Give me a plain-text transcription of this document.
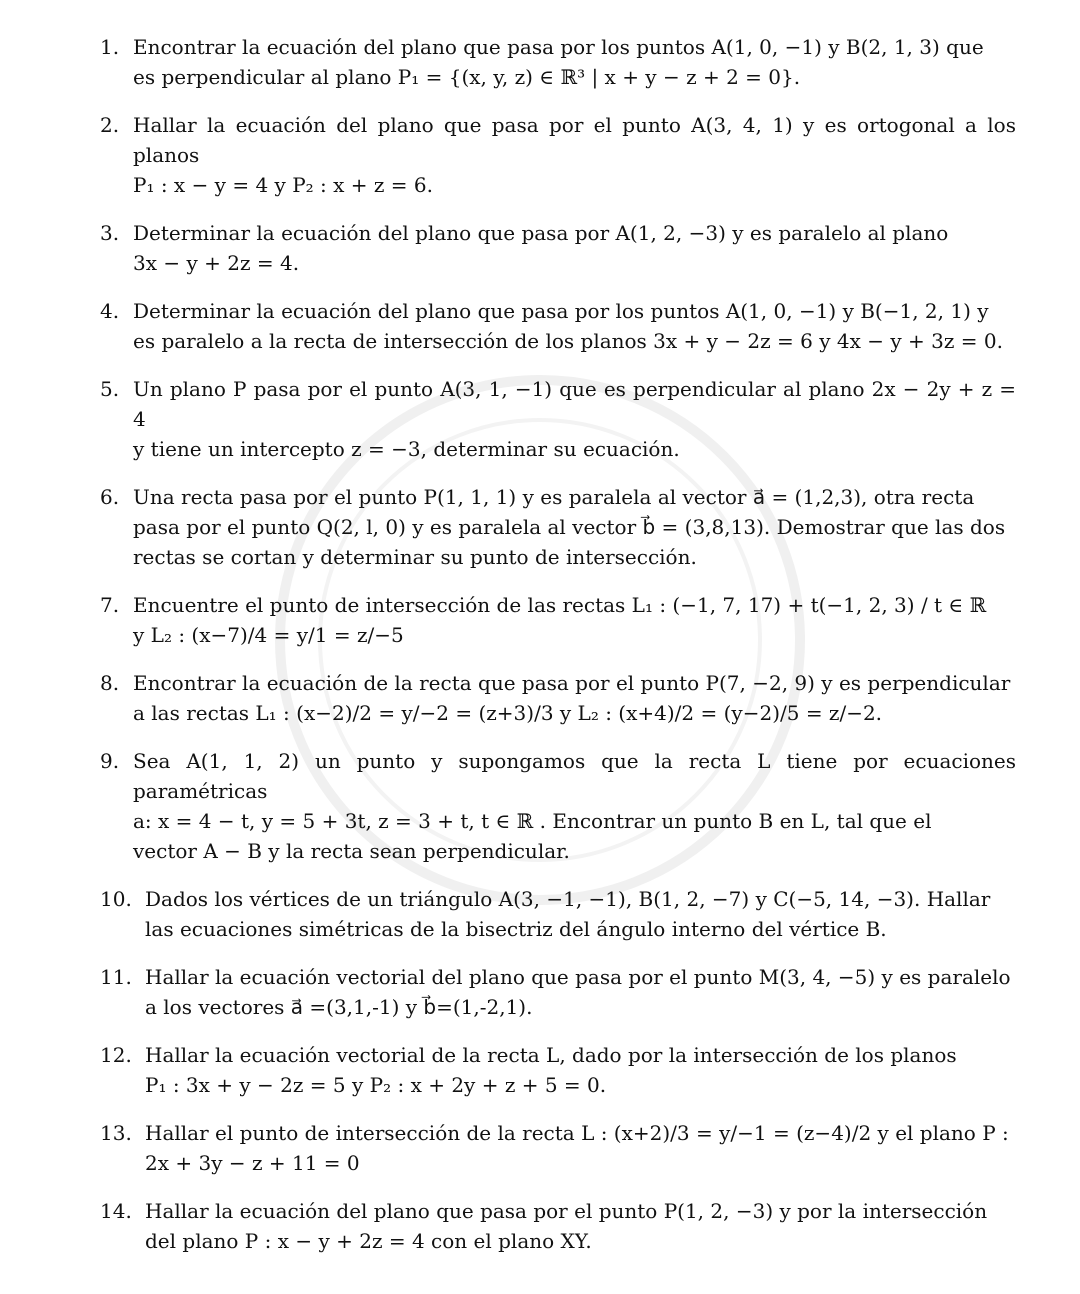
1. Encontrar la ecuación del plano que pasa por los puntos A(1, 0, −1) y B(2, 1, 3) que
es perpendicular al plano P₁ = {(x, y, z) ∈ ℝ³ | x + y − z + 2 = 0}.
2. Hallar la ecuación del plano que pasa por el punto A(3, 4, 1) y es ortogonal a los planos
P₁ : x − y = 4 y P₂ : x + z = 6.
3. Determinar la ecuación del plano que pasa por A(1, 2, −3) y es paralelo al plano
3x − y + 2z = 4.
4. Determinar la ecuación del plano que pasa por los puntos A(1, 0, −1) y B(−1, 2, 1) y
es paralelo a la recta de intersección de los planos 3x + y − 2z = 6 y 4x − y + 3z = 0.
5. Un plano P pasa por el punto A(3, 1, −1) que es perpendicular al plano 2x − 2y + z = 4
y tiene un intercepto z = −3, determinar su ecuación.
6. Una recta pasa por el punto P(1, 1, 1) y es paralela al vector a⃗ = (1,2,3), otra recta
pasa por el punto Q(2, l, 0) y es paralela al vector b⃗ = (3,8,13). Demostrar que las dos
rectas se cortan y determinar su punto de intersección.
7. Encuentre el punto de intersección de las rectas L₁ : (−1, 7, 17) + t(−1, 2, 3) / t ∈ ℝ
y L₂ : (x−7)/4 = y/1 = z/−5
8. Encontrar la ecuación de la recta que pasa por el punto P(7, −2, 9) y es perpendicular
a las rectas L₁ : (x−2)/2 = y/−2 = (z+3)/3 y L₂ : (x+4)/2 = (y−2)/5 = z/−2.
9. Sea A(1, 1, 2) un punto y supongamos que la recta L tiene por ecuaciones paramétricas
a: x = 4 − t, y = 5 + 3t, z = 3 + t, t ∈ ℝ . Encontrar un punto B en L, tal que el
vector A − B y la recta sean perpendicular.
10. Dados los vértices de un triángulo A(3, −1, −1), B(1, 2, −7) y C(−5, 14, −3). Hallar
las ecuaciones simétricas de la bisectriz del ángulo interno del vértice B.
11. Hallar la ecuación vectorial del plano que pasa por el punto M(3, 4, −5) y es paralelo
a los vectores a⃗ =(3,1,-1) y b⃗=(1,-2,1).
12. Hallar la ecuación vectorial de la recta L, dado por la intersección de los planos
P₁ : 3x + y − 2z = 5 y P₂ : x + 2y + z + 5 = 0.
13. Hallar el punto de intersección de la recta L : (x+2)/3 = y/−1 = (z−4)/2 y el plano P :
2x + 3y − z + 11 = 0
14. Hallar la ecuación del plano que pasa por el punto P(1, 2, −3) y por la intersección
del plano P : x − y + 2z = 4 con el plano XY.
